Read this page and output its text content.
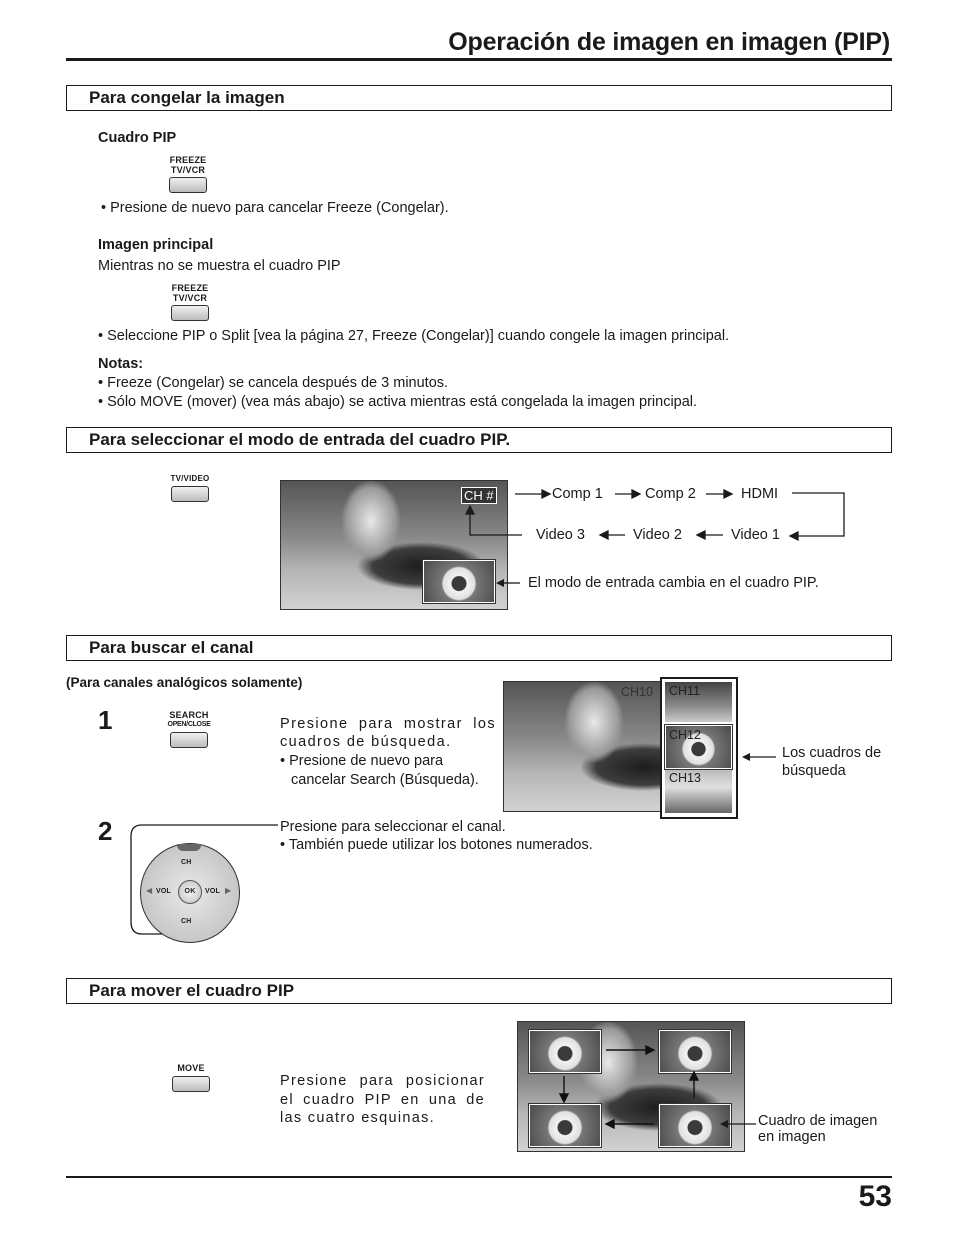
Operación de imagen en imagen (PIP)
Para congelar la imagen
Cuadro PIP
FREEZE
TV/VCR
• Presione de nuevo para cancelar Freeze (Congelar).
Imagen principal
Mientras no se muestra el cuadro PIP
FREEZE
TV/VCR
• Seleccione PIP o Split [vea la página 27, Freeze (Congelar)] cuando congele la imagen principal.
Notas:
• Freeze (Congelar) se cancela después de 3 minutos.
• Sólo MOVE (mover) (vea más abajo) se activa mientras está congelada la imagen principal.
Para seleccionar el modo de entrada del cuadro PIP.
TV/VIDEO
CH #	Comp 1	Comp 2	HDMI
Video 3	Video 2	Video 1
El modo de entrada cambia en el cuadro PIP.
Para buscar el canal
(Para canales analógicos solamente)
1	SEARCH
OPEN/CLOSE	Presione para mostrar los cuadros de búsqueda.
• Presione de nuevo para
cancelar Search (Búsqueda).
CH10 CH11
CH12
CH13
Los cuadros de
búsqueda
2	Presione para seleccionar el canal.
• También puede utilizar los botones numerados.
CH
CH
VOL	VOL
◀	▶
OK
Para mover el cuadro PIP
MOVE
Presione para posicionar el cuadro PIP en una de las cuatro esquinas.	Cuadro de imagen
en imagen
53
